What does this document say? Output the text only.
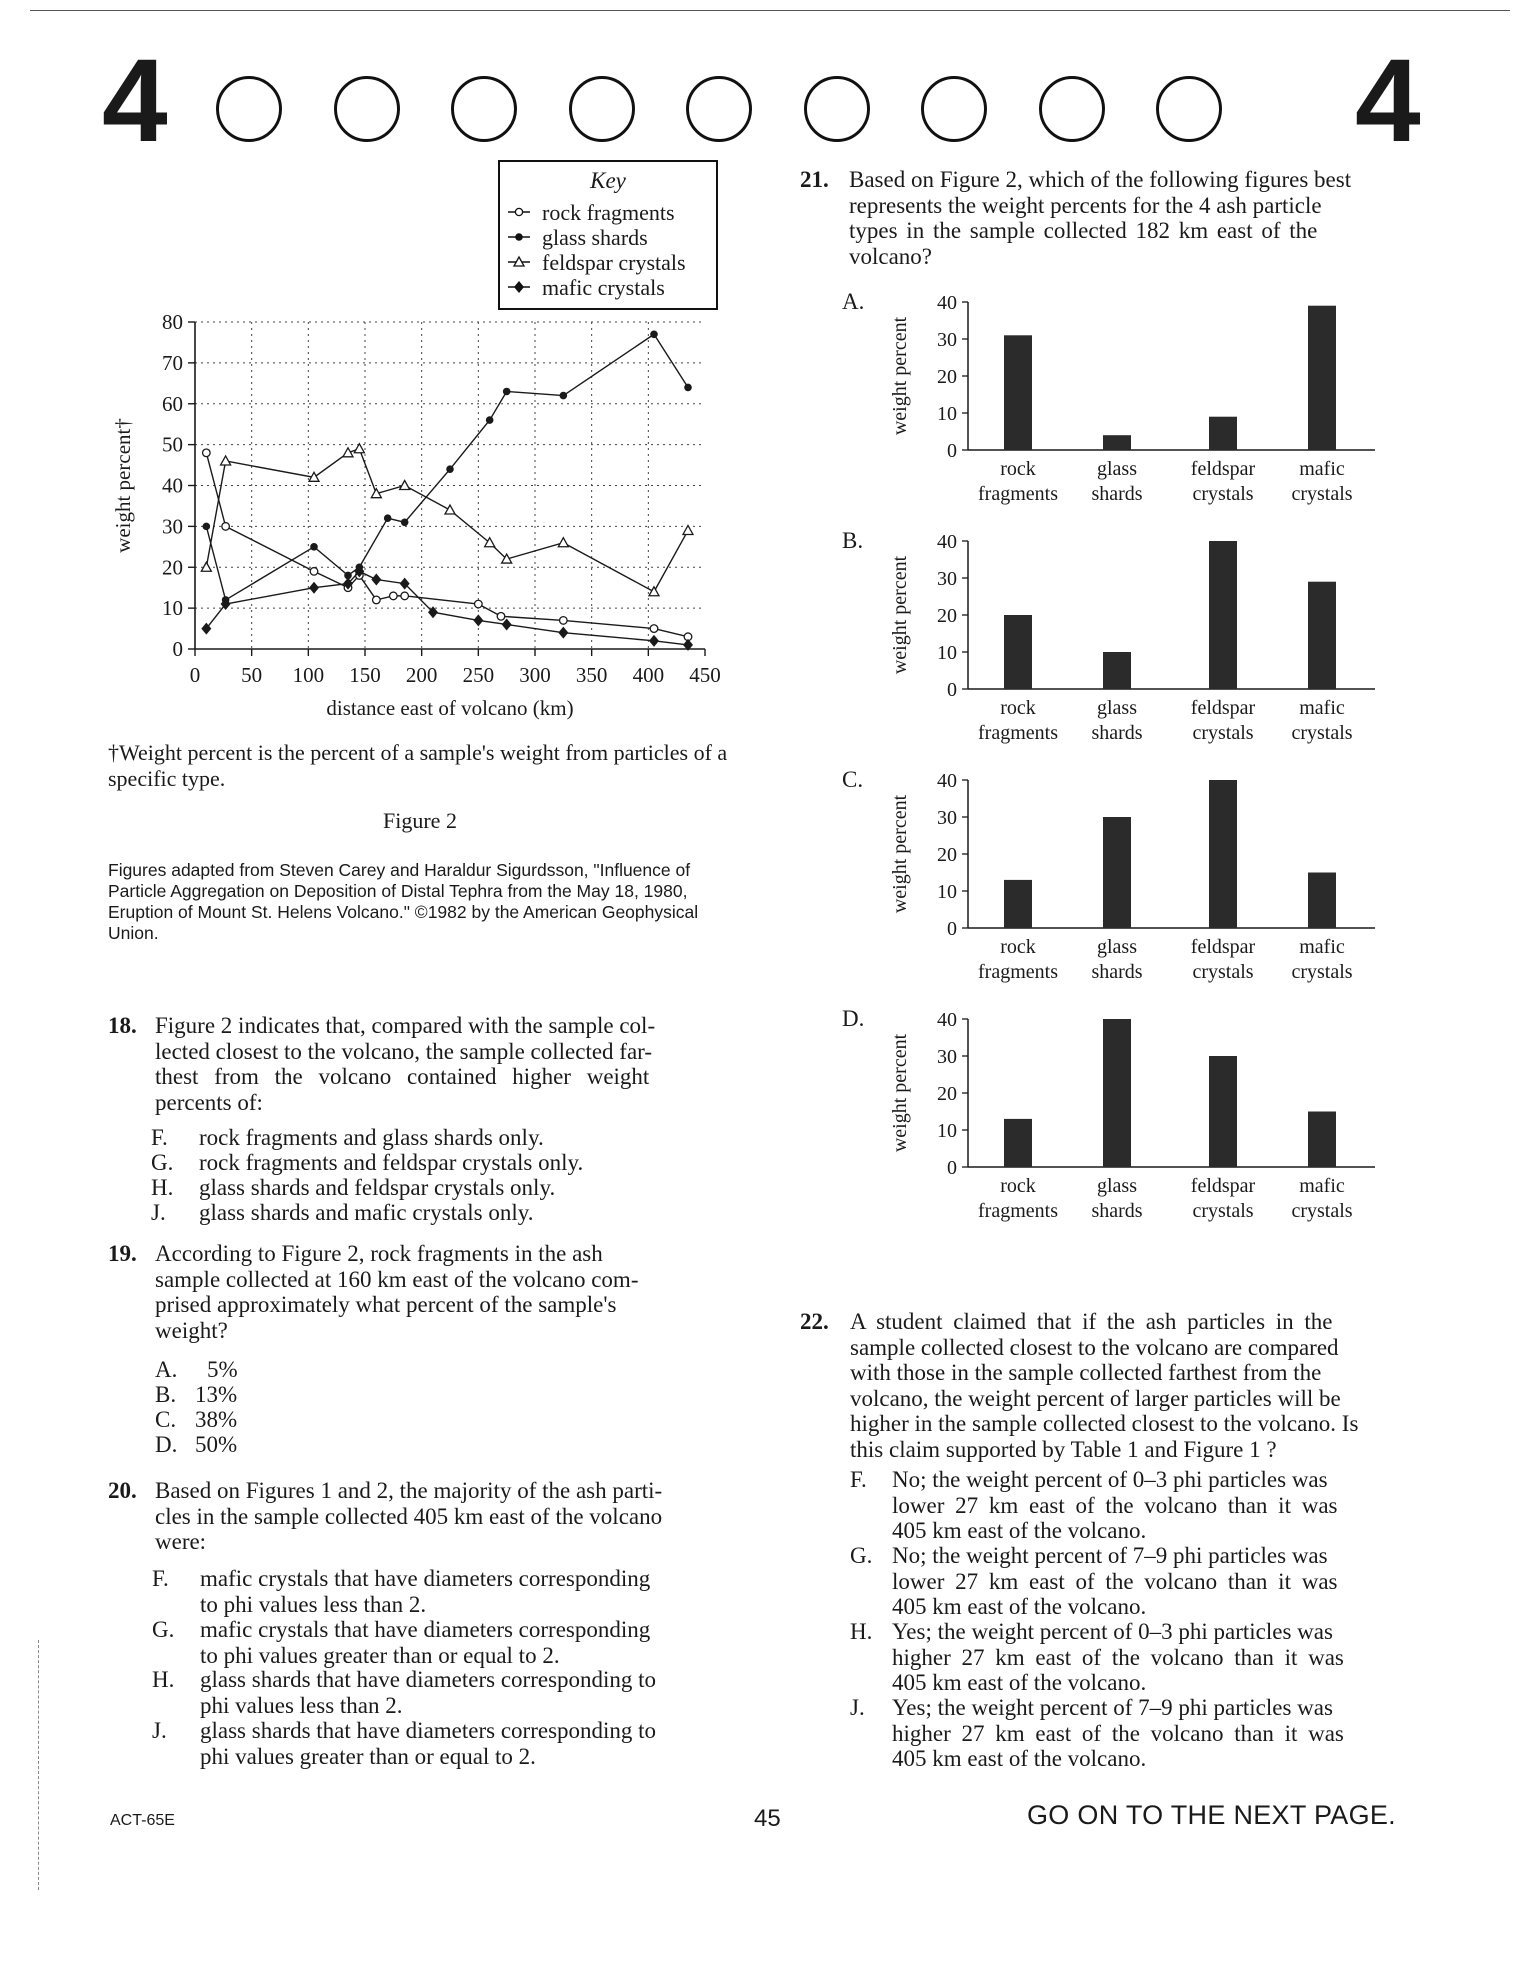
4	4
Key
rock fragments
glass shards
feldspar crystals
mafic crystals
0
10
20
30
40
50
60
70
80
0 50 100 150 200 250 300 350 400 450
distance east of volcano (km)
weight percent†
†Weight percent is the percent of a sample's weight from particles of a specific type.
Figure 2
Figures adapted from Steven Carey and Haraldur Sigurdsson, "Influence of Particle Aggregation on Deposition of Distal Tephra from the May 18, 1980, Eruption of Mount St. Helens Volcano." ©1982 by the American Geophysical Union.
18. Figure 2 indicates that, compared with the sample col-
lected closest to the volcano, the sample collected far-
thest from the volcano contained higher weight
percents of:
F. rock fragments and glass shards only.
G. rock fragments and feldspar crystals only.
H. glass shards and feldspar crystals only.
J. glass shards and mafic crystals only.
19. According to Figure 2, rock fragments in the ash
sample collected at 160 km east of the volcano com-
prised approximately what percent of the sample's
weight?
A. 5%
B. 13%
C. 38%
D. 50%
20. Based on Figures 1 and 2, the majority of the ash parti-
cles in the sample collected 405 km east of the volcano
were:
F. mafic crystals that have diameters corresponding
to phi values less than 2.
G. mafic crystals that have diameters corresponding
to phi values greater than or equal to 2.
H. glass shards that have diameters corresponding to
phi values less than 2.
J. glass shards that have diameters corresponding to
phi values greater than or equal to 2.
21. Based on Figure 2, which of the following figures best
represents the weight percents for the 4 ash particle
types in the sample collected 182 km east of the
volcano?
A.
weight percent
0
10
20
30
40
rock
fragments
glass
shards
feldspar
crystals
mafic
crystals
B.
weight percent
0
10
20
30
40
rock
fragments
glass
shards
feldspar
crystals
mafic
crystals
C.
weight percent
0
10
20
30
40
rock
fragments
glass
shards
feldspar
crystals
mafic
crystals
D.
weight percent
0
10
20
30
40
rock
fragments
glass
shards
feldspar
crystals
mafic
crystals
22. A student claimed that if the ash particles in the
sample collected closest to the volcano are compared
with those in the sample collected farthest from the
volcano, the weight percent of larger particles will be
higher in the sample collected closest to the volcano. Is
this claim supported by Table 1 and Figure 1 ?
F. No; the weight percent of 0–3 phi particles was
lower 27 km east of the volcano than it was
405 km east of the volcano.
G. No; the weight percent of 7–9 phi particles was
lower 27 km east of the volcano than it was
405 km east of the volcano.
H. Yes; the weight percent of 0–3 phi particles was
higher 27 km east of the volcano than it was
405 km east of the volcano.
J. Yes; the weight percent of 7–9 phi particles was
higher 27 km east of the volcano than it was
405 km east of the volcano.
ACT-65E	45	GO ON TO THE NEXT PAGE.
